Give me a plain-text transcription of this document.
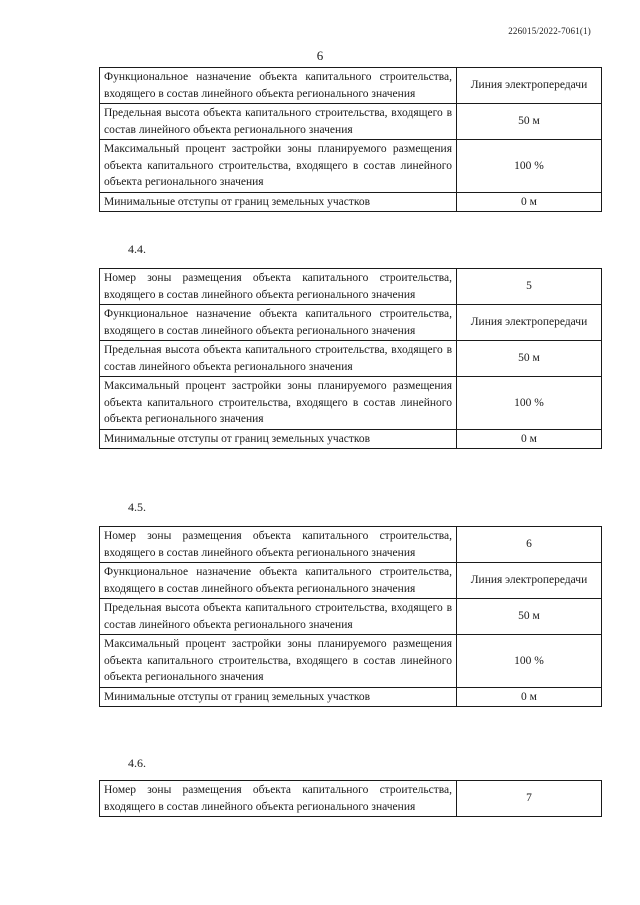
226015/2022-7061(1)
6
Функциональное назначение объекта капитального строительства, входящего в состав линейного объекта регионального значения	Линия электропередачи
Предельная высота объекта капитального строительства, входящего в состав линейного объекта регионального значения	50 м
Максимальный процент застройки зоны планируемого размещения объекта капитального строительства, входящего в состав линейного объекта регионального значения	100 %
Минимальные отступы от границ земельных участков	0 м
4.4.
Номер зоны размещения объекта капитального строительства, входящего в состав линейного объекта регионального значения	5
Функциональное назначение объекта капитального строительства, входящего в состав линейного объекта регионального значения	Линия электропередачи
Предельная высота объекта капитального строительства, входящего в состав линейного объекта регионального значения	50 м
Максимальный процент застройки зоны планируемого размещения объекта капитального строительства, входящего в состав линейного объекта регионального значения	100 %
Минимальные отступы от границ земельных участков	0 м
4.5.
Номер зоны размещения объекта капитального строительства, входящего в состав линейного объекта регионального значения	6
Функциональное назначение объекта капитального строительства, входящего в состав линейного объекта регионального значения	Линия электропередачи
Предельная высота объекта капитального строительства, входящего в состав линейного объекта регионального значения	50 м
Максимальный процент застройки зоны планируемого размещения объекта капитального строительства, входящего в состав линейного объекта регионального значения	100 %
Минимальные отступы от границ земельных участков	0 м
4.6.
Номер зоны размещения объекта капитального строительства, входящего в состав линейного объекта регионального значения	7
